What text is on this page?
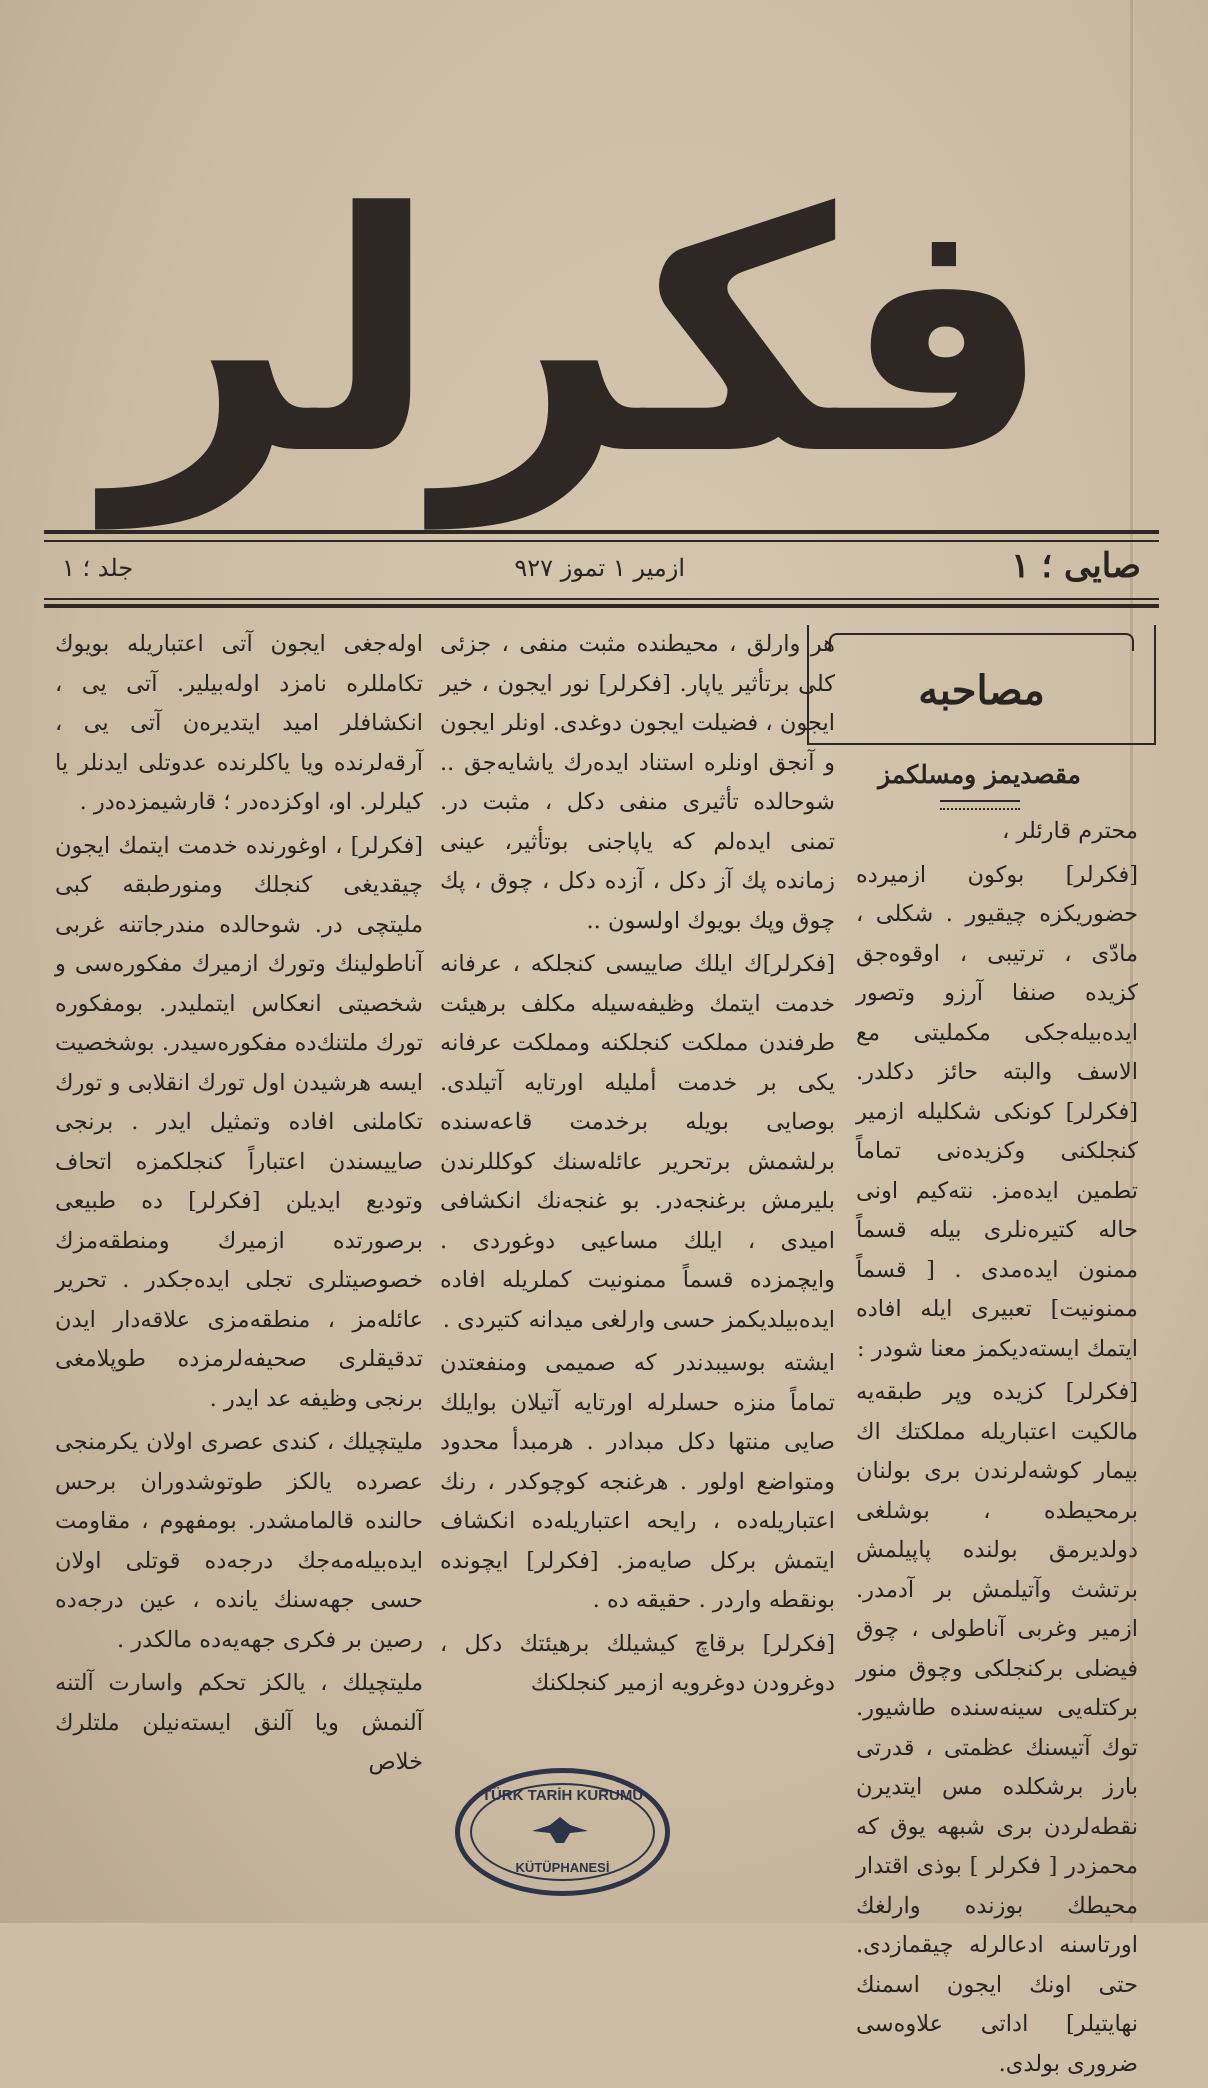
فكرلر
صايى ؛ ١
ازمير ١ تموز ٩٢٧
جلد ؛ ١
مصاحبه
مقصديمز ومسلكمز

محترم قارئلر ،

[فكرلر] بوكون ازميرده حضوريكزه چيقيور . شكلى ، مادّى ، ترتيبى ، اوقوه‌جق كزيده صنفا آرزو وتصور ايده‌بيله‌جكى مكمليتى مع الاسف والبته حائز دكلدر. [فكرلر] كونكى شكليله ازمير كنجلكنى وكزيدەنى تماماً تطمين ايده‌مز. نته‌كيم اونى حاله كتيره‌نلرى بيله قسماً ممنون ايده‌مدى . [ قسماً ممنونيت] تعبيرى ايله افاده ايتمك ايسته‌ديكمز معنا شودر :

[فكرلر] كزيده وپر طبقه‌يه مالكيت اعتباريله مملكتك اك بيمار كوشه‌لرندن برى بولنان برمحيطده ، بوشلغى دولديرمق بولنده پاپيلمش برتشث وآتيلمش بر آدمدر. ازمير وغربى آناطولى ، چوق فيضلى بركنجلكى وچوق منور بركتله‌يى سينه‌سنده طاشيور. توك آتيسنك عظمتى ، قدرتى بارز برشكلده مس ايتديرن نقطه‌لردن برى شبهه يوق كه محمزدر [ فكرلر ] بوذى اقتدار محيطك بوزنده وارلغك اورتاسنه ادعالرله چيقمازدى. حتى اونك ايجون اسمنك نهايتيلر] اداتى علاوه‌سى ضرورى بولدى.

هر وارلق ، محيطنده مثبت منفى ، جزئى كلى برتأثير ياپار. [فكرلر] نور ايجون ، خير ايجون ، فضيلت ايجون دوغدى. اونلر ايجون و آنجق اونلره استناد ايده‌رك ياشايه‌جق .. شوحالده تأثيرى منفى دكل ، مثبت در. تمنى ايدەلم كه ياپاجنى بوتأثير، عينى زمانده پك آز دكل ، آزده دكل ، چوق ، پك چوق وپك بويوك اولسون ..

[فكرلر]ك ايلك صاييسى كنجلكه ، عرفانه خدمت ايتمك وظيفه‌سيله مكلف برهيئت طرفندن مملكت كنجلكنه ومملكت عرفانه يكى بر خدمت أمليله اورتايه آتيلدى. بوصايى بويله برخدمت قاعه‌سنده برلشمش برتحرير عائله‌سنك كوكللرندن بليرمش برغنجه‌در. بو غنجه‌نك انكشافى اميدى ، ايلك مساعيى دوغوردى . وايچمزده قسماً ممنونيت كملريله افاده ايده‌بيلديكمز حسى وارلغى ميدانه كتيردى .

ايشته بوسيبدندر كه صميمى ومنفعتدن تماماً منزه حسلرله اورتايه آتيلان بوايلك صايى منتها دكل مبدادر . هرمبدأ محدود ومتواضع اولور . هرغنجه كوچوكدر ، رنك اعتباريله‌ده ، رايحه اعتباريله‌ده انكشاف ايتمش بركل صايه‌مز. [فكرلر] ايچونده بونقطه واردر . حقيقه‌ ده .

[فكرلر] برقاچ كيشيلك برهيئتك دكل ، دوغرودن دوغرويه ازمير كنجلكنك

اوله‌جغى ايجون آتى اعتباريله بويوك تكامللره نامزد اوله‌بيلير. آتى يى ، انكشافلر اميد ايتديره‌ن آتى يى ، آرقه‌لرنده ويا ياكلرنده عدوتلى ايدنلر يا كيلرلر. او، اوكزده‌در ؛ قارشيمزده‌در .

[فكرلر] ، اوغورنده خدمت ايتمك ايجون چيقديغى كنجلك ومنورطبقه كبى مليتچى در. شوحالده مندرجاتنه غربى آناطولينك وتورك ازميرك مفكوره‌سى و شخصيتى انعكاس ايتمليدر. بومفكوره تورك ملتنك‌ده مفكوره‌سيدر. بوشخصيت ايسه هرشيدن اول تورك انقلابى و تورك تكاملنى افاده وتمثيل ايدر . برنجى صاييسندن اعتباراً كنجلكمزه اتحاف وتوديع ايديلن [فكرلر] ده طبيعى برصورتده ازميرك ومنطقه‌مزك خصوصيتلرى تجلى ايده‌جكدر . تحرير عائله‌مز ، منطقه‌مزى علاقه‌دار ايدن تدقيقلرى صحيفه‌لرمزده طوپلامغى برنجى وظيفه عد ايدر .

مليتچيلك ، كندى عصرى اولان يكرمنجى عصرده يالكز طوتوشدوران برحس حالنده قالمامشدر. بومفهوم ، مقاومت ايده‌بيله‌مه‌جك درجه‌ده قوتلى اولان حسى جهه‌سنك يانده ، عين درجه‌ده رصين بر فكرى جهه‌يه‌ده مالكدر .

مليتچيلك ، يالكز تحكم واسارت آلتنه آلنمش ويا آلنق ايسته‌نيلن ملتلرك خلاص

TÜRK TARİH KURUMU
KÜTÜPHANESİ
